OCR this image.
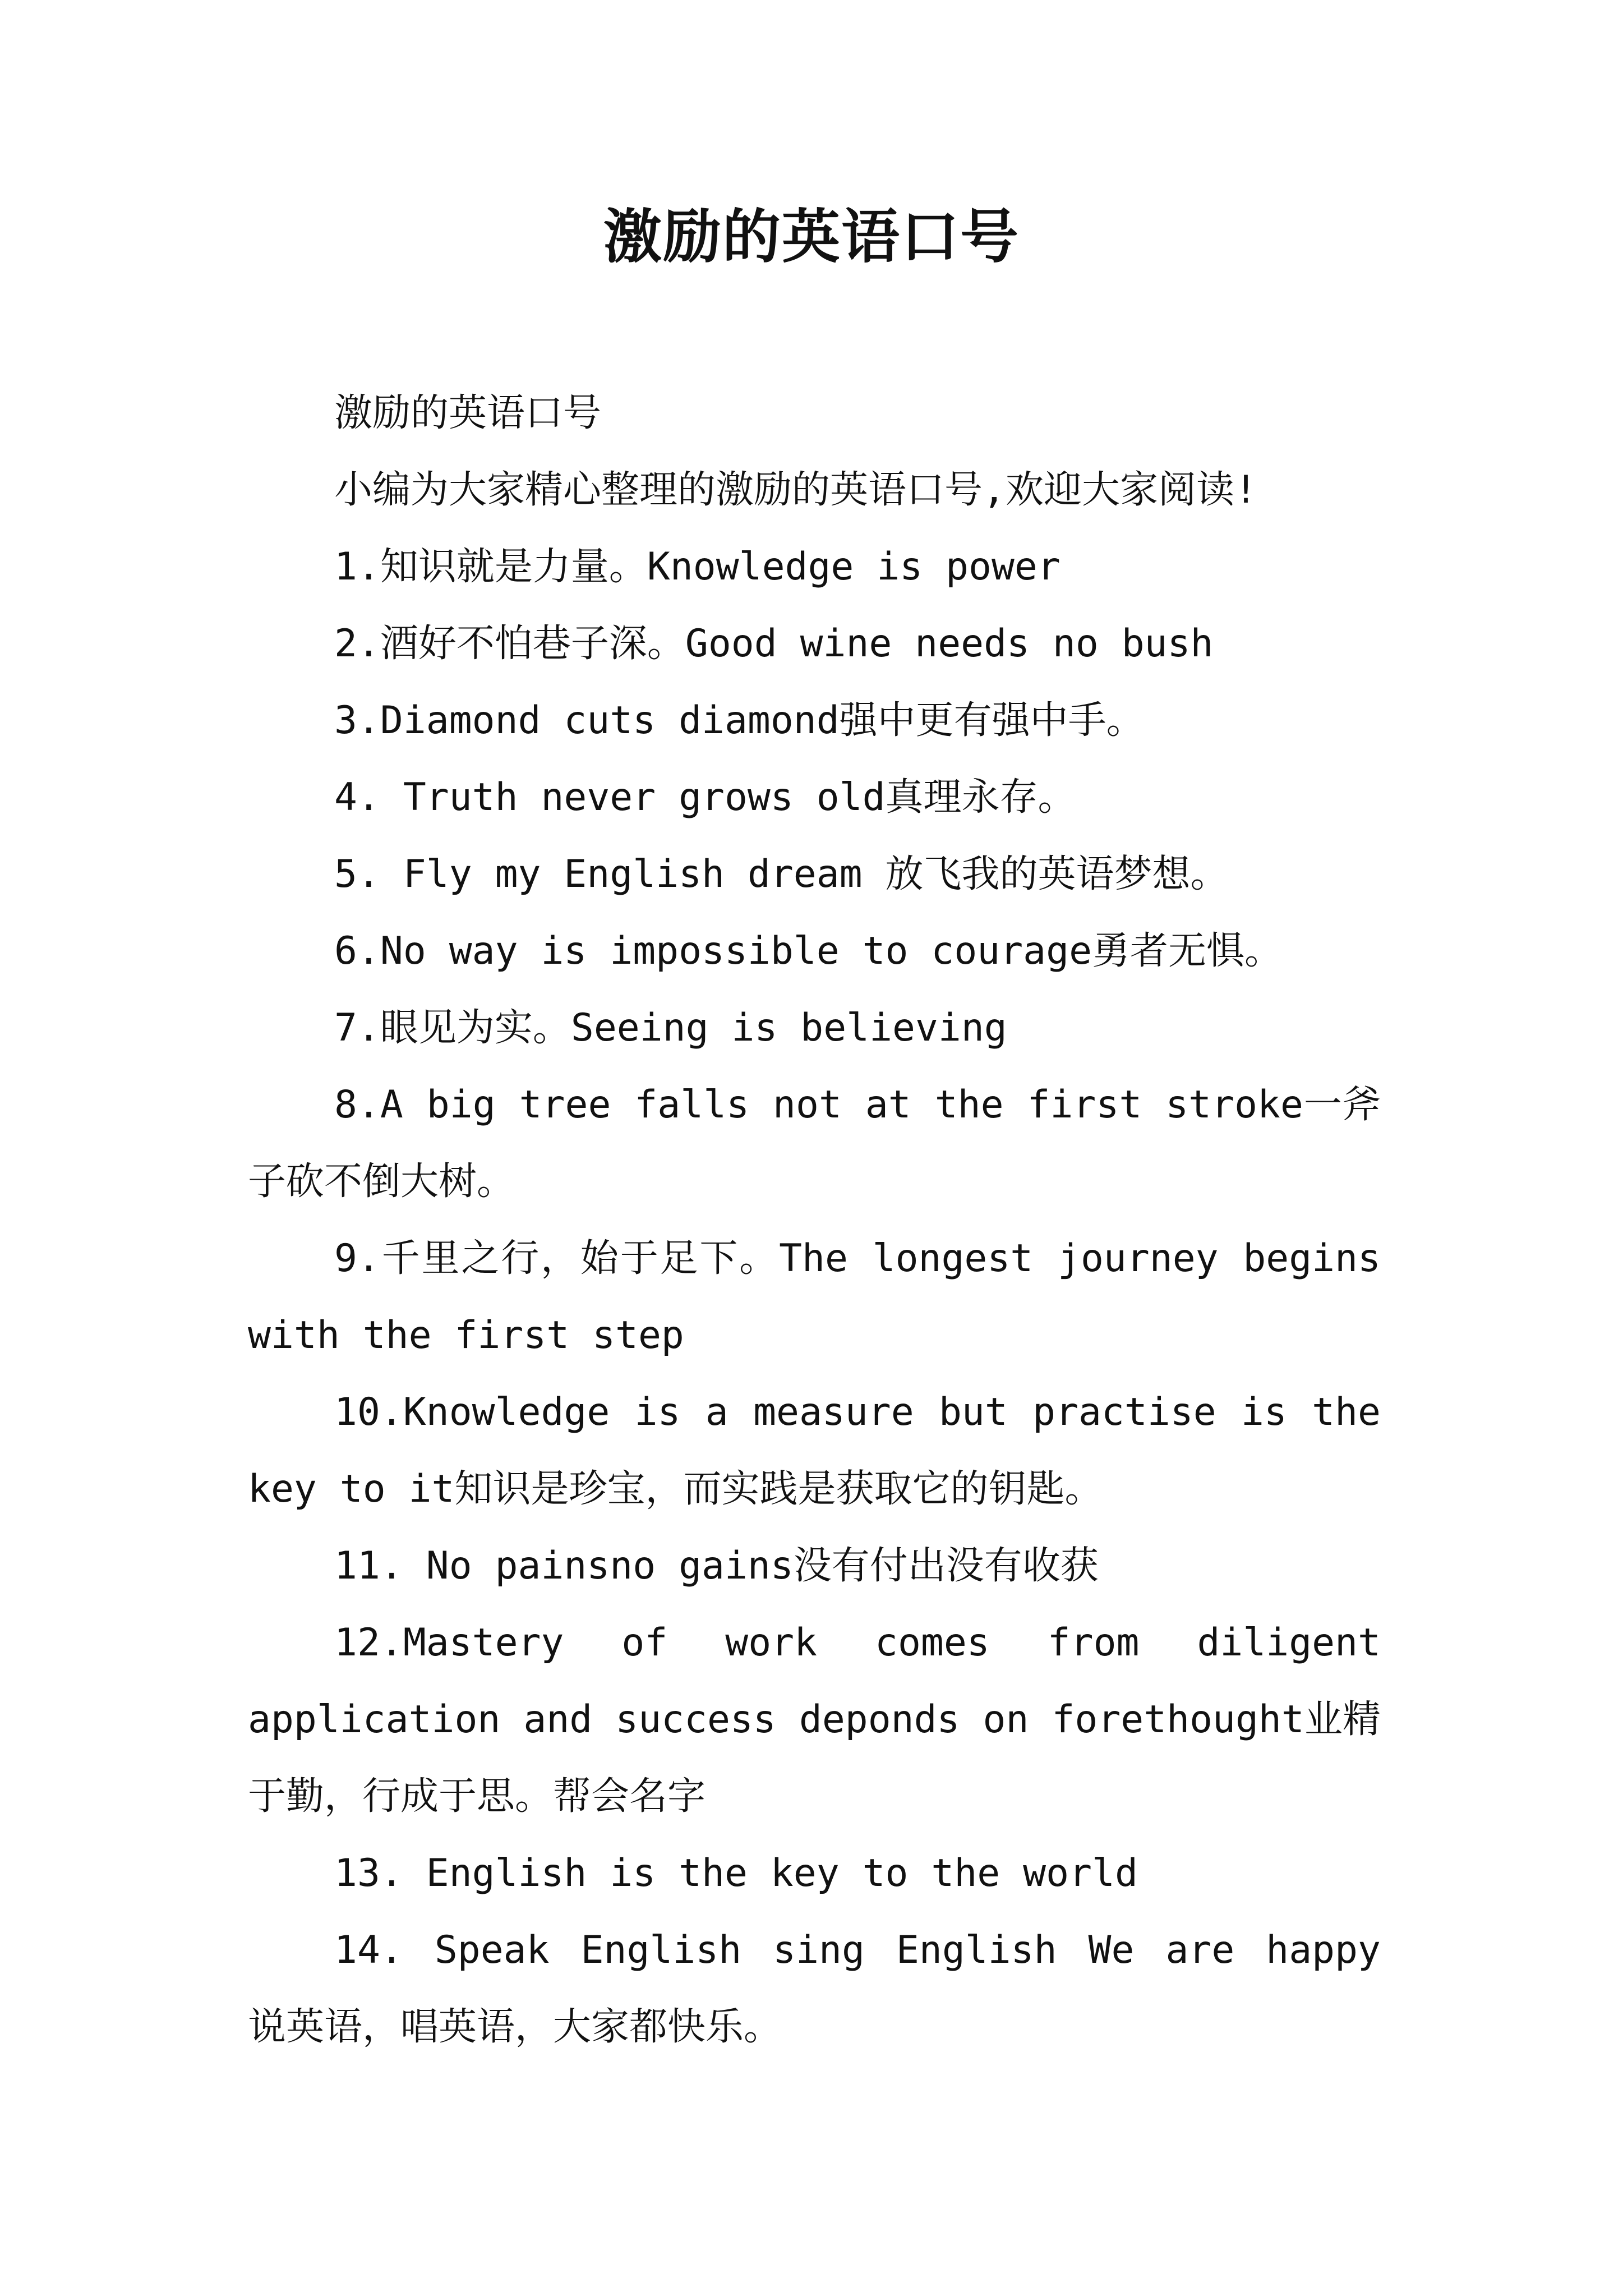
激励的英语口号

激励的英语口号

小编为大家精心整理的激励的英语口号,欢迎大家阅读!

1.知识就是力量。Knowledge is power

2.酒好不怕巷子深。Good wine needs no bush

3.Diamond cuts diamond强中更有强中手。

4. Truth never grows old真理永存。

5. Fly my English dream 放飞我的英语梦想。

6.No way is impossible to courage勇者无惧。

7.眼见为实。Seeing is believing

8.A big tree falls not at the first stroke一斧子砍不倒大树。

9.千里之行，始于足下。The longest journey begins with the first step

10.Knowledge is a measure but practise is the key to it知识是珍宝，而实践是获取它的钥匙。

11. No painsno gains没有付出没有收获

12.Mastery of work comes from diligent application and success deponds on forethought业精于勤，行成于思。帮会名字

13. English is the key to the world

14. Speak English sing English We are happy 说英语，唱英语，大家都快乐。
